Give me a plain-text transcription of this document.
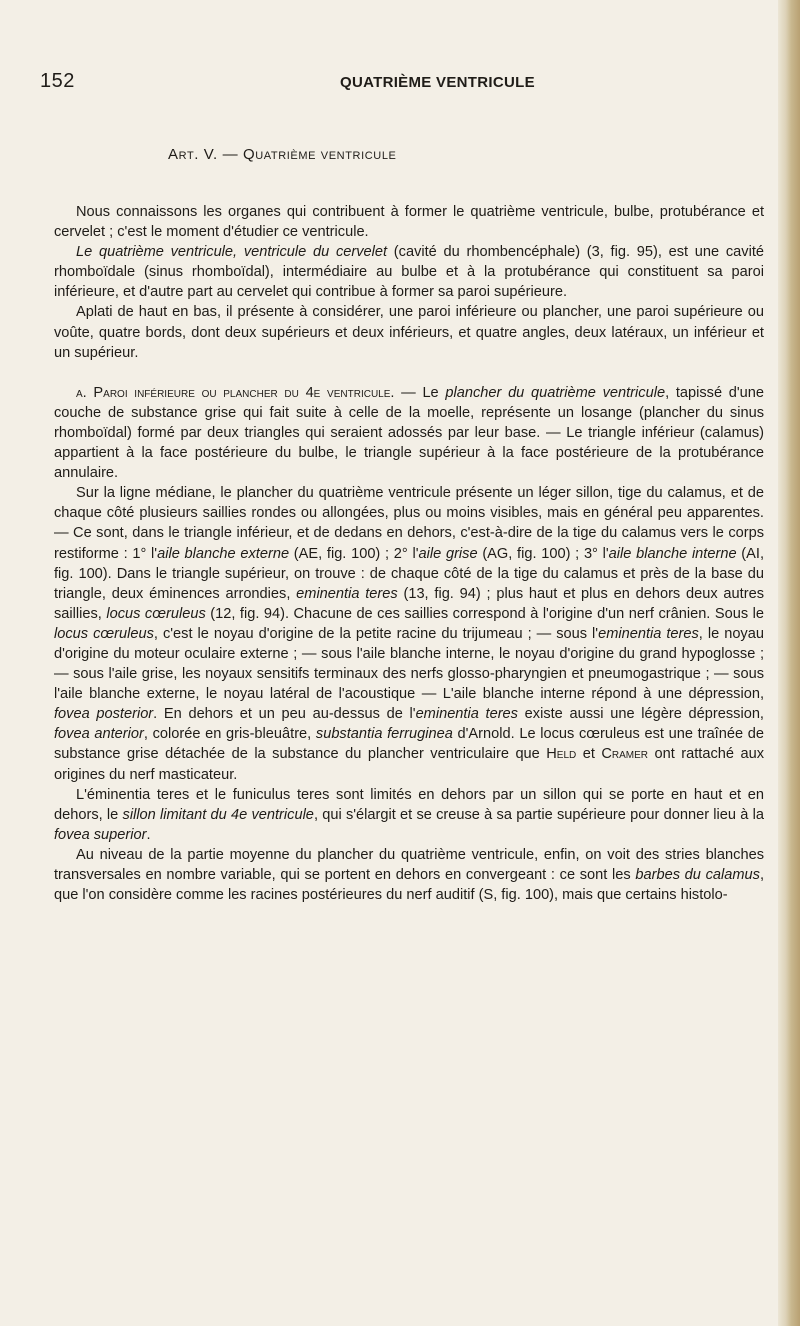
152	QUATRIÈME VENTRICULE
Art. V. — Quatrième ventricule

Nous connaissons les organes qui contribuent à former le quatrième ventricule, bulbe, protubérance et cervelet ; c'est le moment d'étudier ce ventricule.

Le quatrième ventricule, ventricule du cervelet (cavité du rhombencéphale) (3, fig. 95), est une cavité rhomboïdale (sinus rhomboïdal), intermédiaire au bulbe et à la protubérance qui constituent sa paroi inférieure, et d'autre part au cervelet qui contribue à former sa paroi supérieure.

Aplati de haut en bas, il présente à considérer, une paroi inférieure ou plancher, une paroi supérieure ou voûte, quatre bords, dont deux supérieurs et deux inférieurs, et quatre angles, deux latéraux, un inférieur et un supérieur.

a. Paroi inférieure ou plancher du 4e ventricule. — Le plancher du quatrième ventricule, tapissé d'une couche de substance grise qui fait suite à celle de la moelle, représente un losange (plancher du sinus rhomboïdal) formé par deux triangles qui seraient adossés par leur base. — Le triangle inférieur (calamus) appartient à la face postérieure du bulbe, le triangle supérieur à la face postérieure de la protubérance annulaire.

Sur la ligne médiane, le plancher du quatrième ventricule présente un léger sillon, tige du calamus, et de chaque côté plusieurs saillies rondes ou allongées, plus ou moins visibles, mais en général peu apparentes. — Ce sont, dans le triangle inférieur, et de dedans en dehors, c'est-à-dire de la tige du calamus vers le corps restiforme : 1° l'aile blanche externe (AE, fig. 100) ; 2° l'aile grise (AG, fig. 100) ; 3° l'aile blanche interne (AI, fig. 100). Dans le triangle supérieur, on trouve : de chaque côté de la tige du calamus et près de la base du triangle, deux éminences arrondies, eminentia teres (13, fig. 94) ; plus haut et plus en dehors deux autres saillies, locus cœruleus (12, fig. 94). Chacune de ces saillies correspond à l'origine d'un nerf crânien. Sous le locus cœruleus, c'est le noyau d'origine de la petite racine du trijumeau ; — sous l'eminentia teres, le noyau d'origine du moteur oculaire externe ; — sous l'aile blanche interne, le noyau d'origine du grand hypoglosse ; — sous l'aile grise, les noyaux sensitifs terminaux des nerfs glosso-pharyngien et pneumogastrique ; — sous l'aile blanche externe, le noyau latéral de l'acoustique — L'aile blanche interne répond à une dépression, fovea posterior. En dehors et un peu au-dessus de l'eminentia teres existe aussi une légère dépression, fovea anterior, colorée en gris-bleuâtre, substantia ferruginea d'Arnold. Le locus cœruleus est une traînée de substance grise détachée de la substance du plancher ventriculaire que Held et Cramer ont rattaché aux origines du nerf masticateur.

L'éminentia teres et le funiculus teres sont limités en dehors par un sillon qui se porte en haut et en dehors, le sillon limitant du 4e ventricule, qui s'élargit et se creuse à sa partie supérieure pour donner lieu à la fovea superior.

Au niveau de la partie moyenne du plancher du quatrième ventricule, enfin, on voit des stries blanches transversales en nombre variable, qui se portent en dehors en convergeant : ce sont les barbes du calamus, que l'on considère comme les racines postérieures du nerf auditif (S, fig. 100), mais que certains histolo-
